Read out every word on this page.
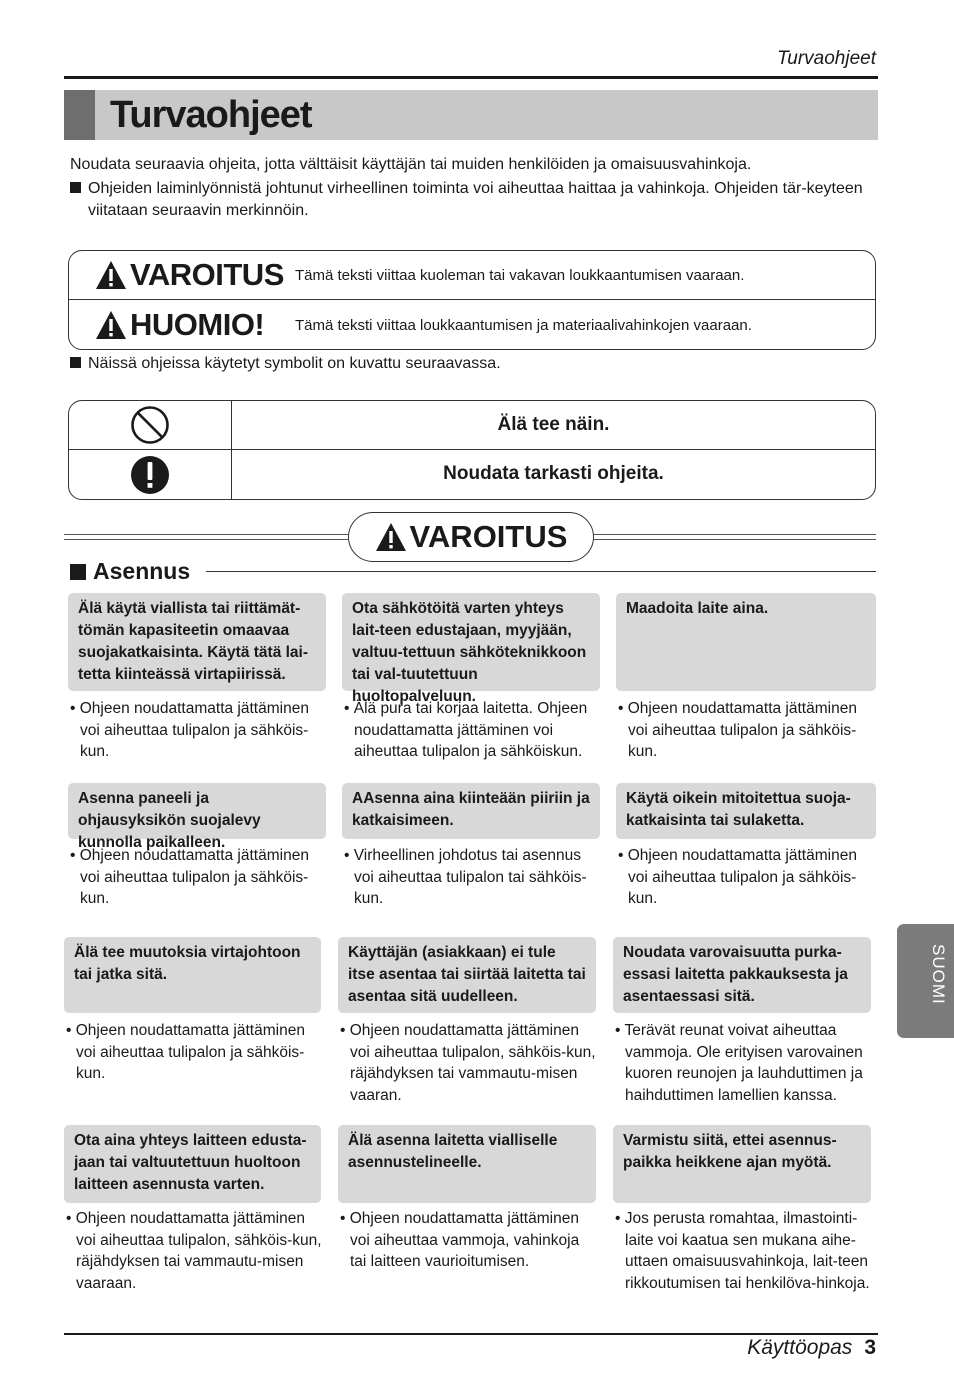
Turvaohjeet
Turvaohjeet
Noudata seuraavia ohjeita, jotta välttäisit käyttäjän tai muiden henkilöiden ja omaisuusvahinkoja.
Ohjeiden laiminlyönnistä johtunut virheellinen toiminta voi aiheuttaa haittaa ja vahinkoja. Ohjeiden tär-keyteen viitataan seuraavin merkinnöin.
VAROITUS Tämä teksti viittaa kuoleman tai vakavan loukkaantumisen vaaraan.
HUOMIO! Tämä teksti viittaa loukkaantumisen ja materiaalivahinkojen vaaraan.
Näissä ohjeissa käytetyt symbolit on kuvattu seuraavassa.
Älä tee näin.
Noudata tarkasti ohjeita.
VAROITUS
Asennus
Älä käytä viallista tai riittämät-tömän kapasiteetin omaavaa suojakatkaisinta. Käytä tätä lai-tetta kiinteässä virtapiirissä.
• Ohjeen noudattamatta jättäminen voi aiheuttaa tulipalon ja sähköis-kun.
Ota sähkötöitä varten yhteys lait-teen edustajaan, myyjään, valtuu-tettuun sähköteknikkoon tai val-tuutettuun huoltopalveluun.
• Älä pura tai korjaa laitetta. Ohjeen noudattamatta jättäminen voi aiheuttaa tulipalon ja sähköiskun.
Maadoita laite aina.
• Ohjeen noudattamatta jättäminen voi aiheuttaa tulipalon ja sähköis-kun.
Asenna paneeli ja ohjausyksikön suojalevy kunnolla paikalleen.
• Ohjeen noudattamatta jättäminen voi aiheuttaa tulipalon ja sähköis-kun.
AAsenna aina kiinteään piiriin ja katkaisimeen.
• Virheellinen johdotus tai asennus voi aiheuttaa tulipalon tai sähköis-kun.
Käytä oikein mitoitettua suoja-katkaisinta tai sulaketta.
• Ohjeen noudattamatta jättäminen voi aiheuttaa tulipalon ja sähköis-kun.
Älä tee muutoksia virtajohtoon tai jatka sitä.
• Ohjeen noudattamatta jättäminen voi aiheuttaa tulipalon ja sähköis-kun.
Käyttäjän (asiakkaan) ei tule itse asentaa tai siirtää laitetta tai asentaa sitä uudelleen.
• Ohjeen noudattamatta jättäminen voi aiheuttaa tulipalon, sähköis-kun, räjähdyksen tai vammautu-misen vaaran.
Noudata varovaisuutta purka-essasi laitetta pakkauksesta ja asentaessasi sitä.
• Terävät reunat voivat aiheuttaa vammoja. Ole erityisen varovainen kuoren reunojen ja lauhduttimen ja haihduttimen lamellien kanssa.
Ota aina yhteys laitteen edusta-jaan tai valtuutettuun huoltoon laitteen asennusta varten.
• Ohjeen noudattamatta jättäminen voi aiheuttaa tulipalon, sähköis-kun, räjähdyksen tai vammautu-misen vaaraan.
Älä asenna laitetta vialliselle asennustelineelle.
• Ohjeen noudattamatta jättäminen voi aiheuttaa vammoja, vahinkoja tai laitteen vaurioitumisen.
Varmistu siitä, ettei asennus-paikka heikkene ajan myötä.
• Jos perusta romahtaa, ilmastointi-laite voi kaatua sen mukana aihe-uttaen omaisuusvahinkoja, lait-teen rikkoutumisen tai henkilöva-hinkoja.
SUOMI
Käyttöopas 3
